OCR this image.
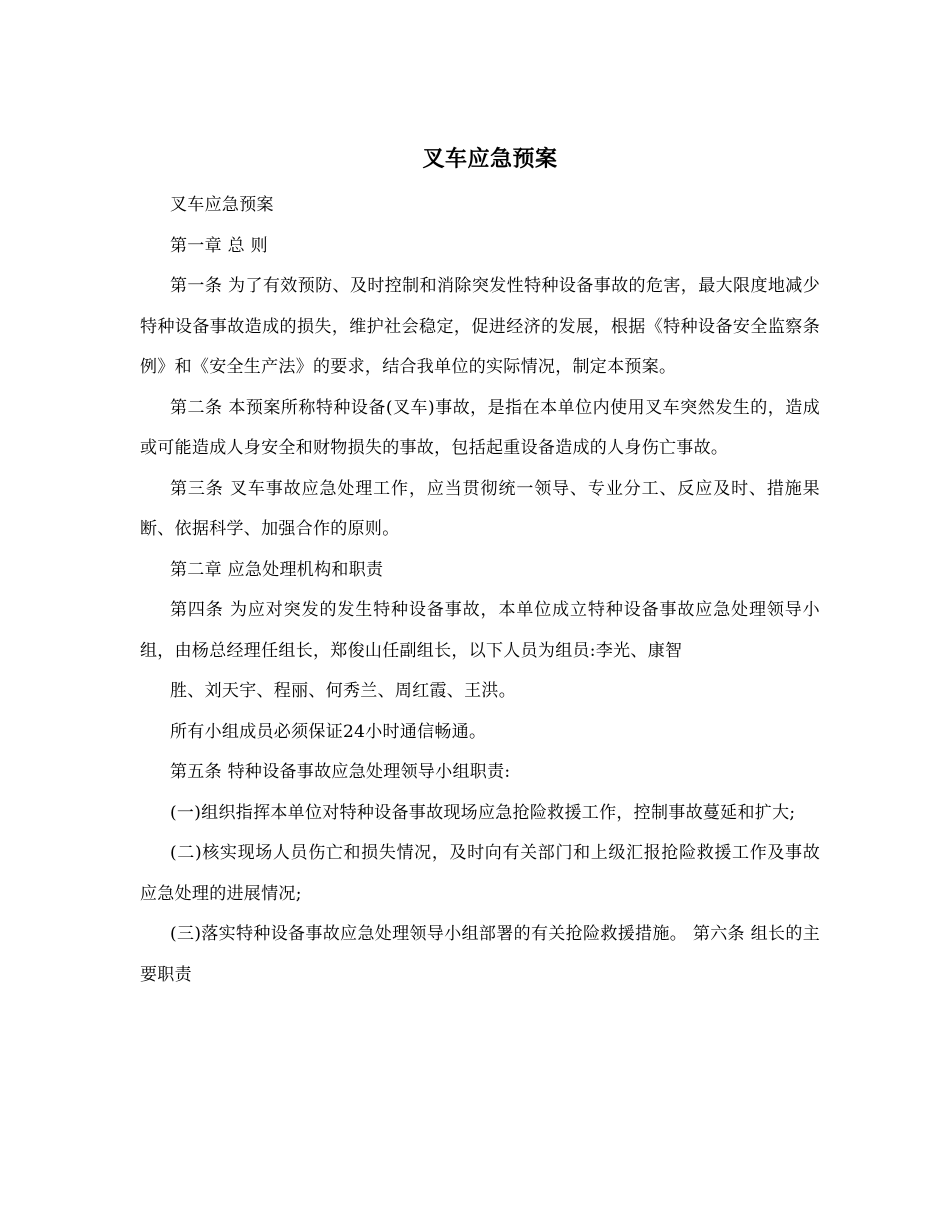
叉车应急预案

叉车应急预案

第一章 总 则

第一条 为了有效预防、及时控制和消除突发性特种设备事故的危害，最大限度地减少特种设备事故造成的损失，维护社会稳定，促进经济的发展，根据《特种设备安全监察条例》和《安全生产法》的要求，结合我单位的实际情况，制定本预案。

第二条 本预案所称特种设备(叉车)事故，是指在本单位内使用叉车突然发生的，造成或可能造成人身安全和财物损失的事故，包括起重设备造成的人身伤亡事故。

第三条 叉车事故应急处理工作，应当贯彻统一领导、专业分工、反应及时、措施果断、依据科学、加强合作的原则。

第二章 应急处理机构和职责

第四条 为应对突发的发生特种设备事故，本单位成立特种设备事故应急处理领导小组，由杨总经理任组长，郑俊山任副组长，以下人员为组员:李光、康智

胜、刘天宇、程丽、何秀兰、周红霞、王洪。

所有小组成员必须保证24小时通信畅通。

第五条 特种设备事故应急处理领导小组职责:

(一)组织指挥本单位对特种设备事故现场应急抢险救援工作，控制事故蔓延和扩大;

(二)核实现场人员伤亡和损失情况，及时向有关部门和上级汇报抢险救援工作及事故应急处理的进展情况;

(三)落实特种设备事故应急处理领导小组部署的有关抢险救援措施。 第六条 组长的主要职责
